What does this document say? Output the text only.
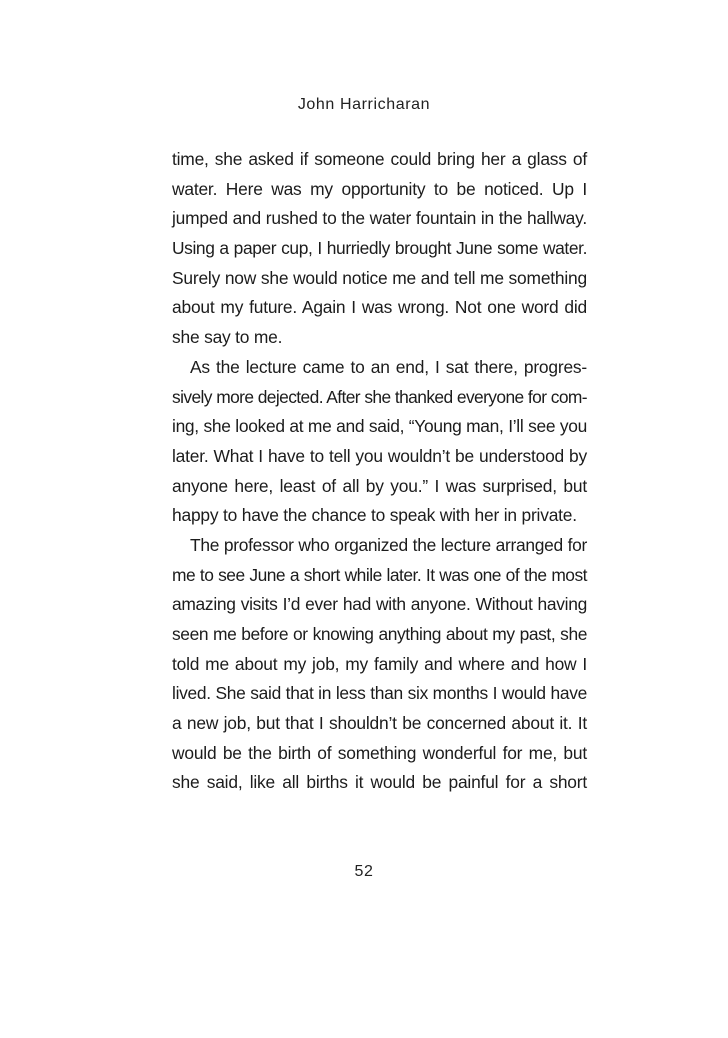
John Harricharan
time, she asked if someone could bring her a glass of
water. Here was my opportunity to be noticed. Up I
jumped and rushed to the water fountain in the hallway.
Using a paper cup, I hurriedly brought June some water.
Surely now she would notice me and tell me something
about my future. Again I was wrong. Not one word did
she say to me.
As the lecture came to an end, I sat there, progres-
sively more dejected. After she thanked everyone for com-
ing, she looked at me and said, “Young man, I’ll see you
later. What I have to tell you wouldn’t be understood by
anyone here, least of all by you.” I was surprised, but
happy to have the chance to speak with her in private.
The professor who organized the lecture arranged for
me to see June a short while later. It was one of the most
amazing visits I’d ever had with anyone. Without having
seen me before or knowing anything about my past, she
told me about my job, my family and where and how I
lived. She said that in less than six months I would have
a new job, but that I shouldn’t be concerned about it. It
would be the birth of something wonderful for me, but
she said, like all births it would be painful for a short
52
